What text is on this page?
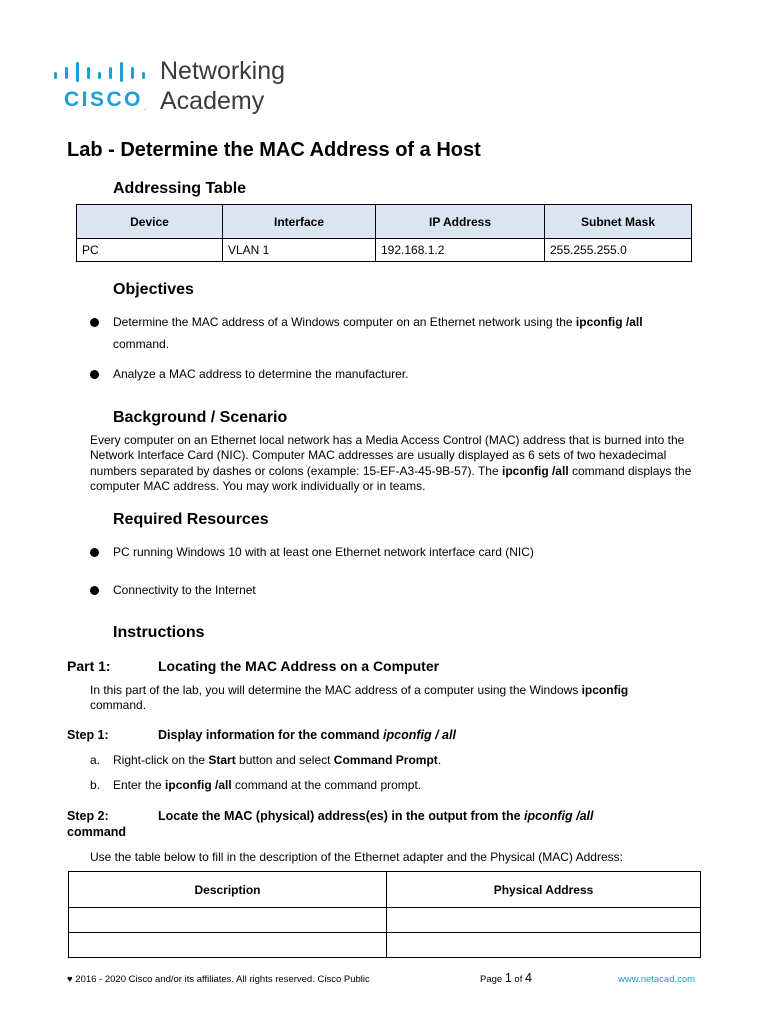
CISCO.
Networking
Academy
Lab - Determine the MAC Address of a Host
Addressing Table
Device	Interface	IP Address	Subnet Mask
PC	VLAN 1	192.168.1.2	255.255.255.0
Objectives
Determine the MAC address of a Windows computer on an Ethernet network using the ipconfig /all
command.
Analyze a MAC address to determine the manufacturer.
Background / Scenario
Every computer on an Ethernet local network has a Media Access Control (MAC) address that is burned into the Network Interface Card (NIC). Computer MAC addresses are usually displayed as 6 sets of two hexadecimal numbers separated by dashes or colons (example: 15-EF-A3-45-9B-57). The ipconfig /all command displays the computer MAC address. You may work individually or in teams.
Required Resources
PC running Windows 10 with at least one Ethernet network interface card (NIC)
Connectivity to the Internet
Instructions
Part 1:	Locating the MAC Address on a Computer
In this part of the lab, you will determine the MAC address of a computer using the Windows ipconfig command.
Step 1:	Display information for the command ipconfig / all
a. Right-click on the Start button and select Command Prompt.
b. Enter the ipconfig /all command at the command prompt.
Step 2:	Locate the MAC (physical) address(es) in the output from the ipconfig /all
command
Use the table below to fill in the description of the Ethernet adapter and the Physical (MAC) Address:
Description	Physical Address

♥ 2016 - 2020 Cisco and/or its affiliates. All rights reserved. Cisco Public	Page 1 of 4	www.netacad.com
